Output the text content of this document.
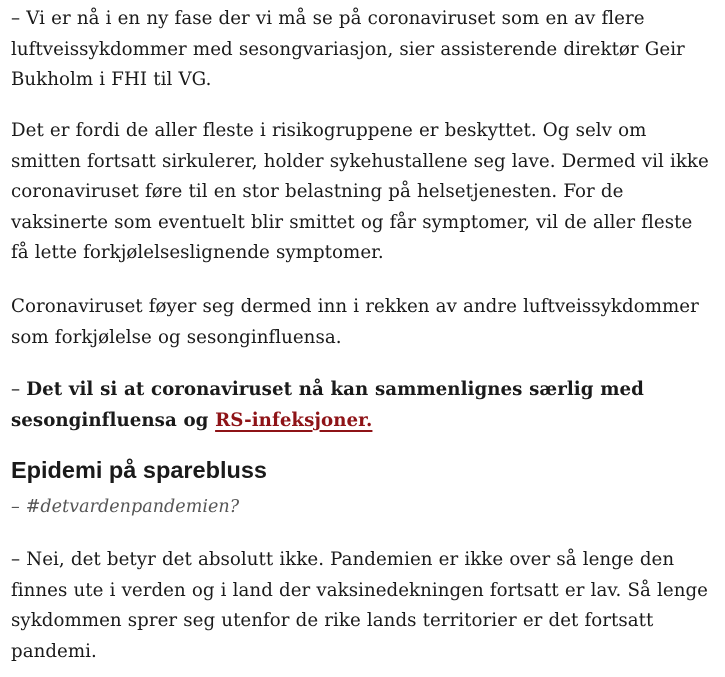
– Vi er nå i en ny fase der vi må se på coronaviruset som en av flere luftveissykdommer med sesongvariasjon, sier assisterende direktør Geir Bukholm i FHI til VG.

Det er fordi de aller fleste i risikogruppene er beskyttet. Og selv om smitten fortsatt sirkulerer, holder sykehustallene seg lave. Dermed vil ikke coronaviruset føre til en stor belastning på helsetjenesten. For de vaksinerte som eventuelt blir smittet og får symptomer, vil de aller fleste få lette forkjølelseslignende symptomer.

Coronaviruset føyer seg dermed inn i rekken av andre luftveissykdommer som forkjølelse og sesonginfluensa.

– Det vil si at coronaviruset nå kan sammenlignes særlig med sesonginfluensa og RS-infeksjoner.

Epidemi på sparebluss

– #detvardenpandemien?

– Nei, det betyr det absolutt ikke. Pandemien er ikke over så lenge den finnes ute i verden og i land der vaksinedekningen fortsatt er lav. Så lenge sykdommen sprer seg utenfor de rike lands territorier er det fortsatt pandemi.
